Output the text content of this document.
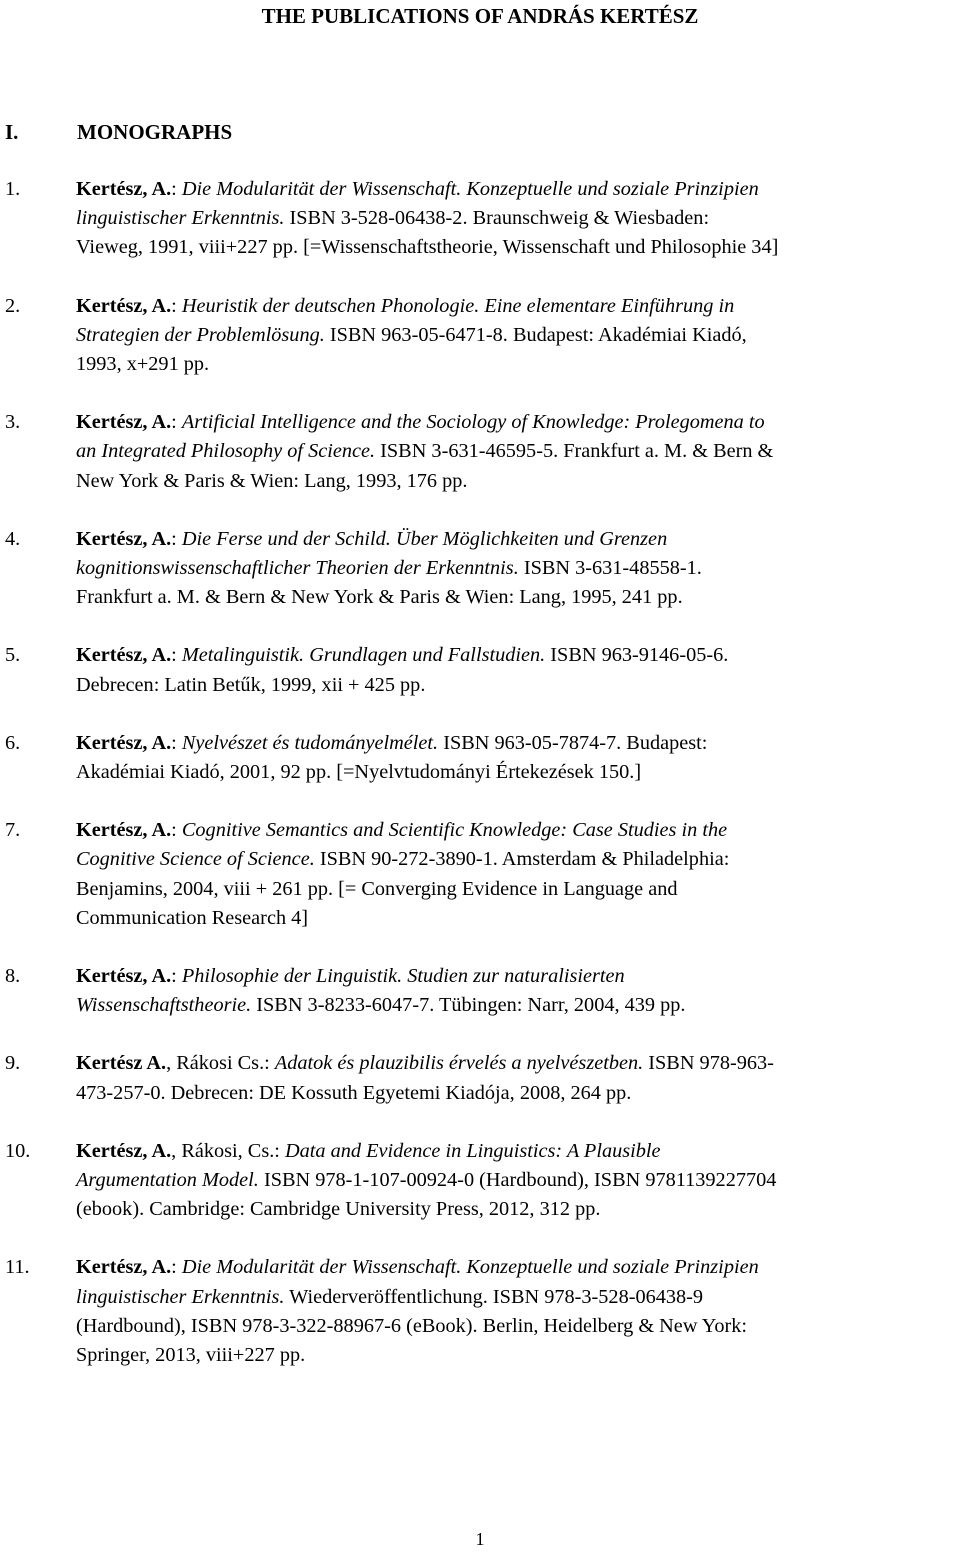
THE PUBLICATIONS OF ANDRÁS KERTÉSZ
I.	MONOGRAPHS
1.	Kertész, A.: Die Modularität der Wissenschaft. Konzeptuelle und soziale Prinzipien
linguistischer Erkenntnis. ISBN 3-528-06438-2. Braunschweig & Wiesbaden:
Vieweg, 1991, viii+227 pp. [=Wissenschaftstheorie, Wissenschaft und Philosophie 34]
2.	Kertész, A.: Heuristik der deutschen Phonologie. Eine elementare Einführung in
Strategien der Problemlösung. ISBN 963-05-6471-8. Budapest: Akadémiai Kiadó,
1993, x+291 pp.
3.	Kertész, A.: Artificial Intelligence and the Sociology of Knowledge: Prolegomena to
an Integrated Philosophy of Science. ISBN 3-631-46595-5. Frankfurt a. M. & Bern &
New York & Paris & Wien: Lang, 1993, 176 pp.
4.	Kertész, A.: Die Ferse und der Schild. Über Möglichkeiten und Grenzen
kognitionswissenschaftlicher Theorien der Erkenntnis. ISBN 3-631-48558-1.
Frankfurt a. M. & Bern & New York & Paris & Wien: Lang, 1995, 241 pp.
5.	Kertész, A.: Metalinguistik. Grundlagen und Fallstudien. ISBN 963-9146-05-6.
Debrecen: Latin Betűk, 1999, xii + 425 pp.
6.	Kertész, A.: Nyelvészet és tudományelmélet. ISBN 963-05-7874-7. Budapest:
Akadémiai Kiadó, 2001, 92 pp. [=Nyelvtudományi Értekezések 150.]
7.	Kertész, A.: Cognitive Semantics and Scientific Knowledge: Case Studies in the
Cognitive Science of Science. ISBN 90-272-3890-1. Amsterdam & Philadelphia:
Benjamins, 2004, viii + 261 pp. [= Converging Evidence in Language and
Communication Research 4]
8.	Kertész, A.: Philosophie der Linguistik. Studien zur naturalisierten
Wissenschaftstheorie. ISBN 3-8233-6047-7. Tübingen: Narr, 2004, 439 pp.
9.	Kertész A., Rákosi Cs.: Adatok és plauzibilis érvelés a nyelvészetben. ISBN 978-963-
473-257-0. Debrecen: DE Kossuth Egyetemi Kiadója, 2008, 264 pp.
10. Kertész, A., Rákosi, Cs.: Data and Evidence in Linguistics: A Plausible
Argumentation Model. ISBN 978-1-107-00924-0 (Hardbound), ISBN 9781139227704
(ebook). Cambridge: Cambridge University Press, 2012, 312 pp.
11. Kertész, A.: Die Modularität der Wissenschaft. Konzeptuelle und soziale Prinzipien
linguistischer Erkenntnis. Wiederveröffentlichung. ISBN 978-3-528-06438-9
(Hardbound), ISBN 978-3-322-88967-6 (eBook). Berlin, Heidelberg & New York:
Springer, 2013, viii+227 pp.
1
